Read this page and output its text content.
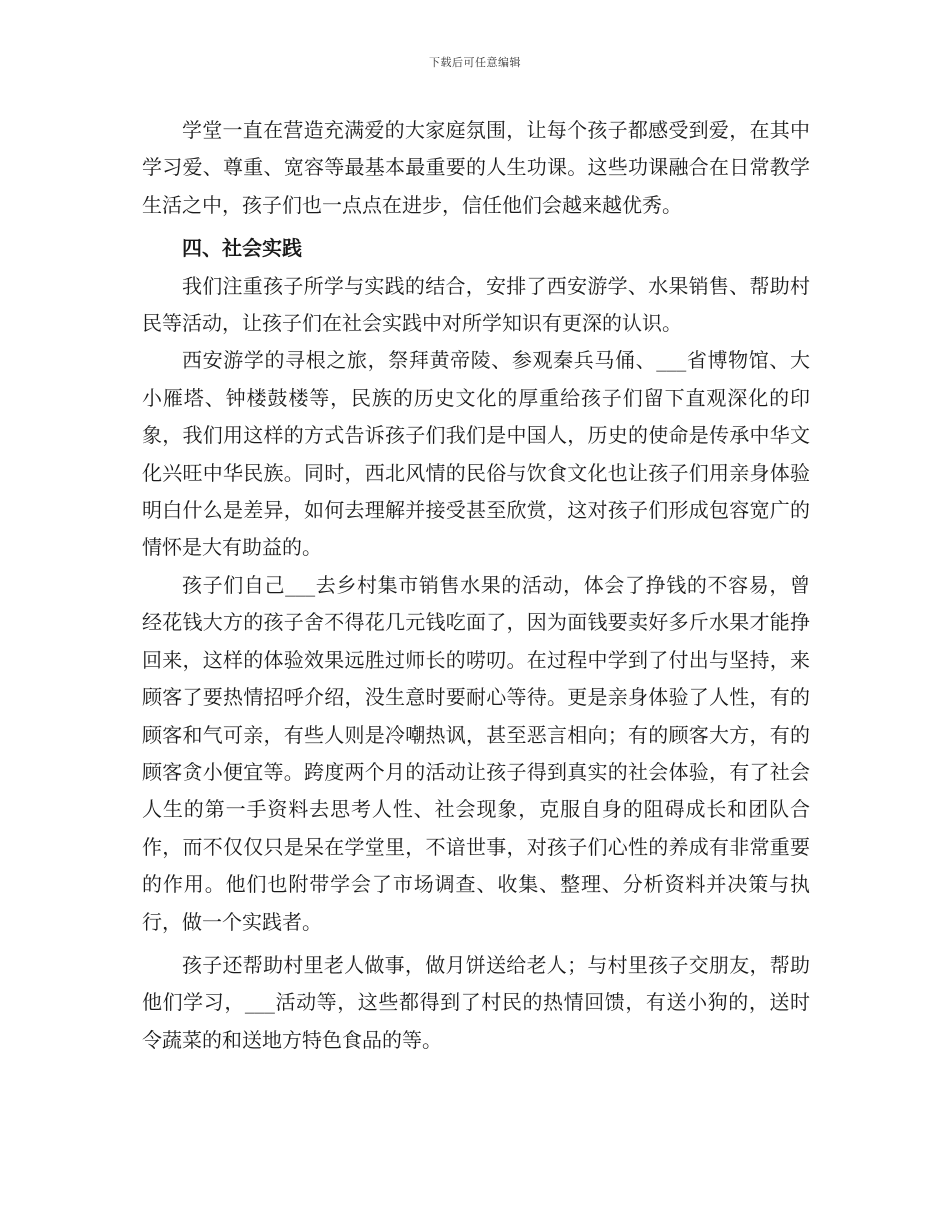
下载后可任意编辑

学堂一直在营造充满爱的大家庭氛围，让每个孩子都感受到爱，在其中学习爱、尊重、宽容等最基本最重要的人生功课。这些功课融合在日常教学生活之中，孩子们也一点点在进步，信任他们会越来越优秀。

四、社会实践

我们注重孩子所学与实践的结合，安排了西安游学、水果销售、帮助村民等活动，让孩子们在社会实践中对所学知识有更深的认识。

西安游学的寻根之旅，祭拜黄帝陵、参观秦兵马俑、___省博物馆、大小雁塔、钟楼鼓楼等，民族的历史文化的厚重给孩子们留下直观深化的印象，我们用这样的方式告诉孩子们我们是中国人，历史的使命是传承中华文化兴旺中华民族。同时，西北风情的民俗与饮食文化也让孩子们用亲身体验明白什么是差异，如何去理解并接受甚至欣赏，这对孩子们形成包容宽广的情怀是大有助益的。

孩子们自己___去乡村集市销售水果的活动，体会了挣钱的不容易，曾经花钱大方的孩子舍不得花几元钱吃面了，因为面钱要卖好多斤水果才能挣回来，这样的体验效果远胜过师长的唠叨。在过程中学到了付出与坚持，来顾客了要热情招呼介绍，没生意时要耐心等待。更是亲身体验了人性，有的顾客和气可亲，有些人则是冷嘲热讽，甚至恶言相向；有的顾客大方，有的顾客贪小便宜等。跨度两个月的活动让孩子得到真实的社会体验，有了社会人生的第一手资料去思考人性、社会现象，克服自身的阻碍成长和团队合作，而不仅仅只是呆在学堂里，不谙世事，对孩子们心性的养成有非常重要的作用。他们也附带学会了市场调查、收集、整理、分析资料并决策与执行，做一个实践者。

孩子还帮助村里老人做事，做月饼送给老人；与村里孩子交朋友，帮助他们学习，___活动等，这些都得到了村民的热情回馈，有送小狗的，送时令蔬菜的和送地方特色食品的等。
